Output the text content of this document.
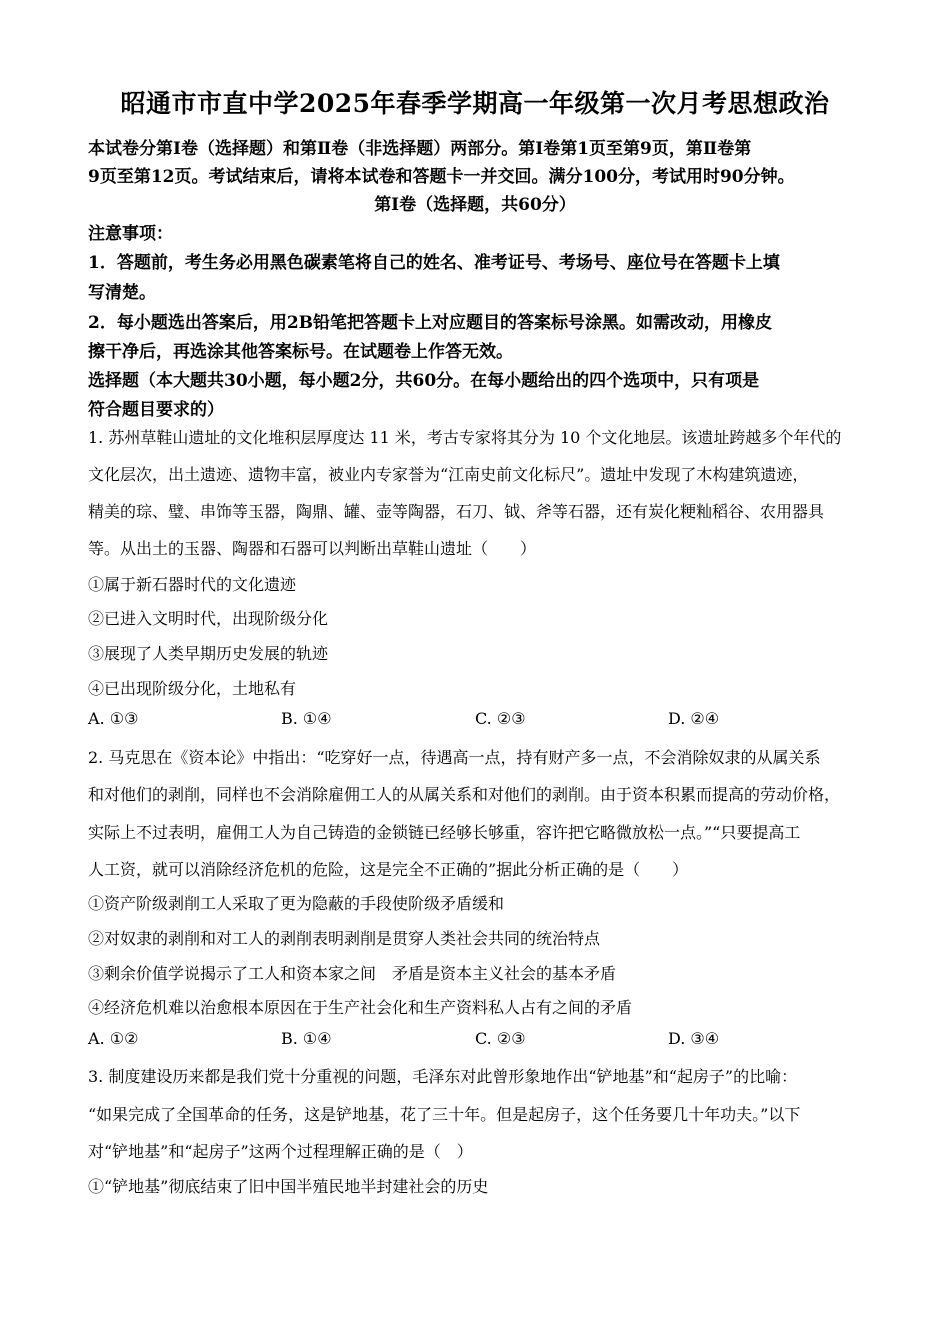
昭通市市直中学2025年春季学期高一年级第一次月考思想政治
本试卷分第Ⅰ卷（选择题）和第Ⅱ卷（非选择题）两部分。第Ⅰ卷第1页至第9页，第Ⅱ卷第
9页至第12页。考试结束后，请将本试卷和答题卡一并交回。满分100分，考试用时90分钟。
第Ⅰ卷（选择题，共60分）
注意事项：
1．答题前，考生务必用黑色碳素笔将自己的姓名、准考证号、考场号、座位号在答题卡上填
写清楚。
2．每小题选出答案后，用2B铅笔把答题卡上对应题目的答案标号涂黑。如需改动，用橡皮
擦干净后，再选涂其他答案标号。在试题卷上作答无效。
选择题（本大题共30小题，每小题2分，共60分。在每小题给出的四个选项中，只有项是
符合题目要求的）
1. 苏州草鞋山遗址的文化堆积层厚度达 11 米，考古专家将其分为 10 个文化地层。该遗址跨越多个年代的
文化层次，出土遗迹、遗物丰富，被业内专家誉为“江南史前文化标尺”。遗址中发现了木构建筑遗迹，
精美的琮、璧、串饰等玉器，陶鼎、罐、壶等陶器，石刀、钺、斧等石器，还有炭化粳籼稻谷、农用器具
等。从出土的玉器、陶器和石器可以判断出草鞋山遗址（　　）
①属于新石器时代的文化遗迹
②已进入文明时代，出现阶级分化
③展现了人类早期历史发展的轨迹
④已出现阶级分化，土地私有
A. ①③	B. ①④	C. ②③	D. ②④
2. 马克思在《资本论》中指出：“吃穿好一点，待遇高一点，持有财产多一点，不会消除奴隶的从属关系
和对他们的剥削，同样也不会消除雇佣工人的从属关系和对他们的剥削。由于资本积累而提高的劳动价格，
实际上不过表明，雇佣工人为自己铸造的金锁链已经够长够重，容许把它略微放松一点。”“只要提高工
人工资，就可以消除经济危机的危险，这是完全不正确的”据此分析正确的是（　　）
①资产阶级剥削工人采取了更为隐蔽的手段使阶级矛盾缓和
②对奴隶的剥削和对工人的剥削表明剥削是贯穿人类社会共同的统治特点
③剩余价值学说揭示了工人和资本家之间　矛盾是资本主义社会的基本矛盾
④经济危机难以治愈根本原因在于生产社会化和生产资料私人占有之间的矛盾
A. ①②	B. ①④	C. ②③	D. ③④
3. 制度建设历来都是我们党十分重视的问题，毛泽东对此曾形象地作出“铲地基”和“起房子”的比喻：
“如果完成了全国革命的任务，这是铲地基，花了三十年。但是起房子，这个任务要几十年功夫。”以下
对“铲地基”和“起房子”这两个过程理解正确的是（　）
①“铲地基”彻底结束了旧中国半殖民地半封建社会的历史
